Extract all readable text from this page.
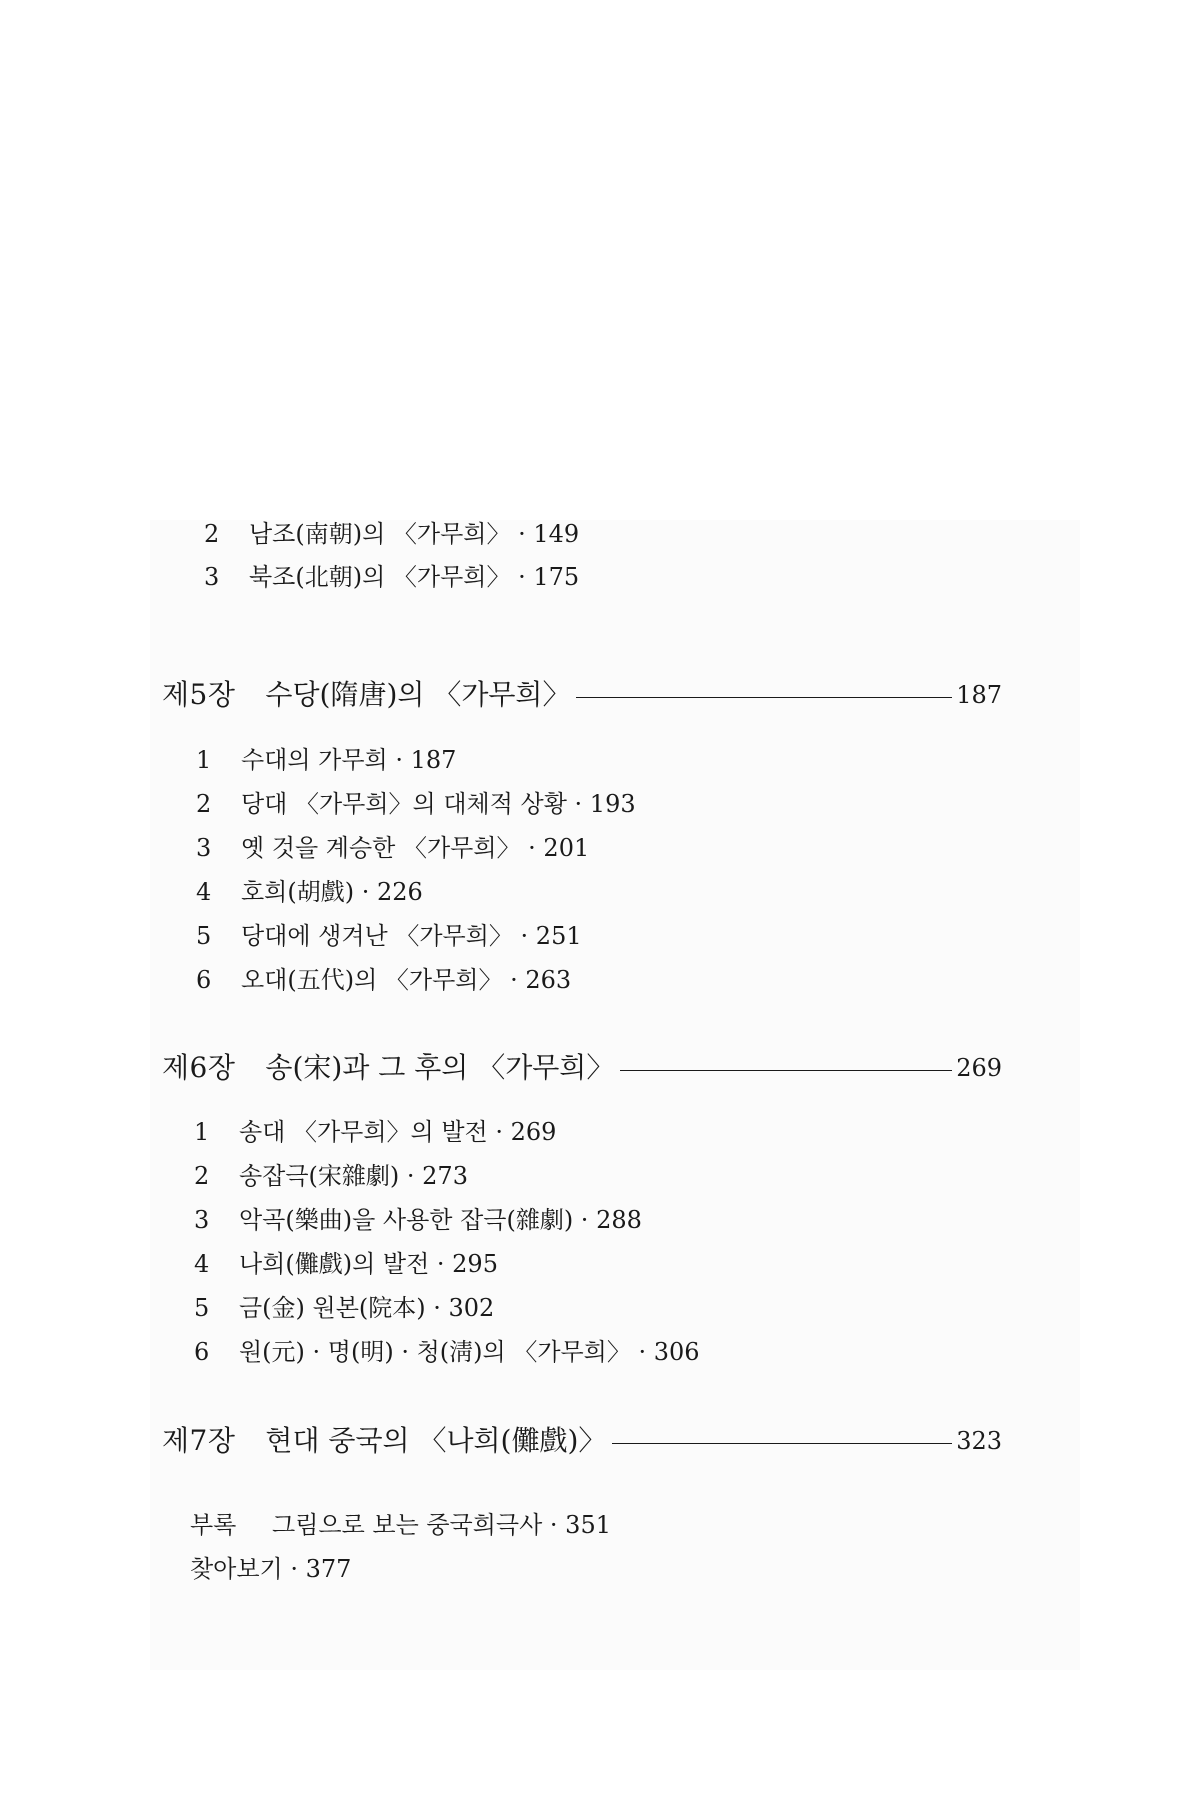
2	남조(南朝)의 〈가무희〉 · 149
3	북조(北朝)의 〈가무희〉 · 175
제5장 수당(隋唐)의 〈가무희〉	187
1	수대의 가무희 · 187
2	당대 〈가무희〉의 대체적 상황 · 193
3	옛 것을 계승한 〈가무희〉 · 201
4	호희(胡戲) · 226
5	당대에 생겨난 〈가무희〉 · 251
6	오대(五代)의 〈가무희〉 · 263
제6장 송(宋)과 그 후의 〈가무희〉	269
1	송대 〈가무희〉의 발전 · 269
2	송잡극(宋雜劇) · 273
3	악곡(樂曲)을 사용한 잡극(雜劇) · 288
4	나희(儺戲)의 발전 · 295
5	금(金) 원본(院本) · 302
6	원(元) · 명(明) · 청(淸)의 〈가무희〉 · 306
제7장 현대 중국의 〈나희(儺戲)〉	323
부록 그림으로 보는 중국희극사 · 351
찾아보기 · 377
